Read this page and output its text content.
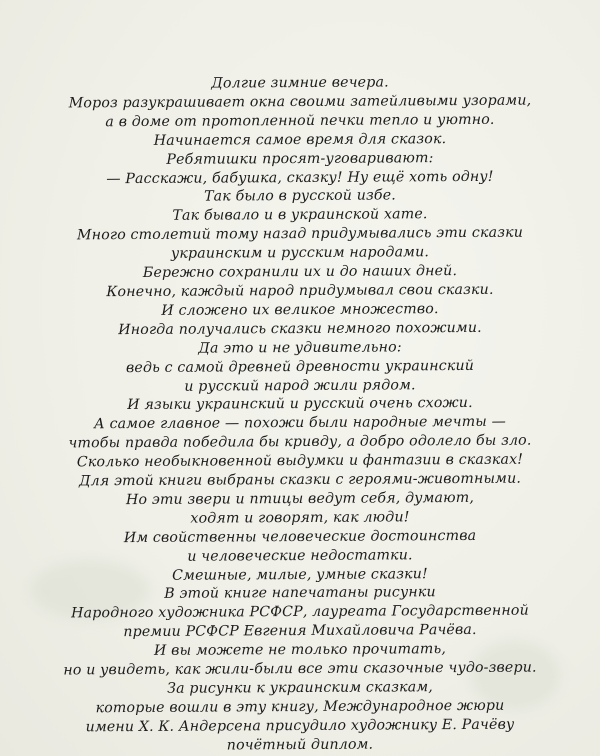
Долгие зимние вечера.
Мороз разукрашивает окна своими затейливыми узорами,
а в доме от протопленной печки тепло и уютно.
Начинается самое время для сказок.
Ребятишки просят-уговаривают:
— Расскажи, бабушка, сказку! Ну ещё хоть одну!
Так было в русской избе.
Так бывало и в украинской хате.
Много столетий тому назад придумывались эти сказки
украинским и русским народами.
Бережно сохранили их и до наших дней.
Конечно, каждый народ придумывал свои сказки.
И сложено их великое множество.
Иногда получались сказки немного похожими.
Да это и не удивительно:
ведь с самой древней древности украинский
и русский народ жили рядом.
И языки украинский и русский очень схожи.
А самое главное — похожи были народные мечты —
чтобы правда победила бы кривду, а добро одолело бы зло.
Сколько необыкновенной выдумки и фантазии в сказках!
Для этой книги выбраны сказки с героями-животными.
Но эти звери и птицы ведут себя, думают,
ходят и говорят, как люди!
Им свойственны человеческие достоинства
и человеческие недостатки.
Смешные, милые, умные сказки!
В этой книге напечатаны рисунки
Народного художника РСФСР, лауреата Государственной
премии РСФСР Евгения Михайловича Рачёва.
И вы можете не только прочитать,
но и увидеть, как жили-были все эти сказочные чудо-звери.
За рисунки к украинским сказкам,
которые вошли в эту книгу, Международное жюри
имени Х. К. Андерсена присудило художнику Е. Рачёву
почётный диплом.
